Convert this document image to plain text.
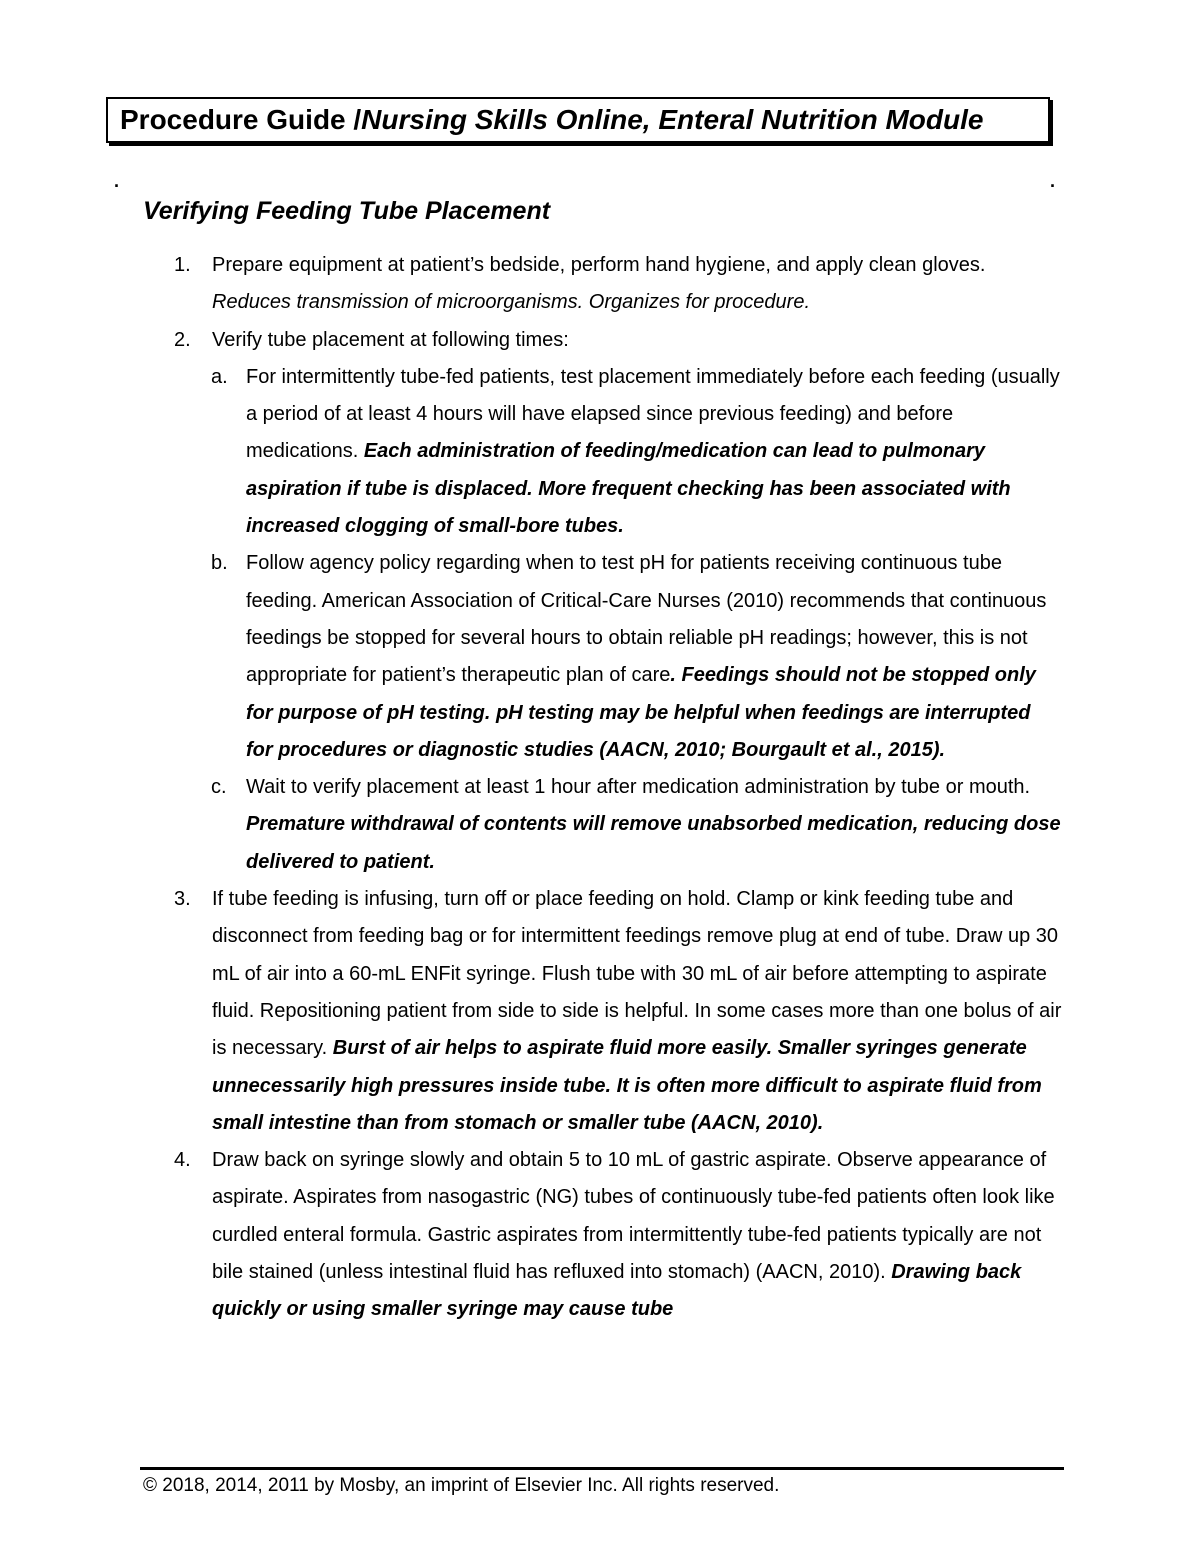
Procedure Guide / Nursing Skills Online, Enteral Nutrition Module
.	.
Verifying Feeding Tube Placement
1. Prepare equipment at patient’s bedside, perform hand hygiene, and apply clean gloves.
Reduces transmission of microorganisms. Organizes for procedure.
2. Verify tube placement at following times:
a. For intermittently tube-fed patients, test placement immediately before each feeding (usually a period of at least 4 hours will have elapsed since previous feeding) and before medications. Each administration of feeding/medication can lead to pulmonary aspiration if tube is displaced. More frequent checking has been associated with increased clogging of small-bore tubes.
b. Follow agency policy regarding when to test pH for patients receiving continuous tube feeding. American Association of Critical-Care Nurses (2010) recommends that continuous feedings be stopped for several hours to obtain reliable pH readings; however, this is not appropriate for patient’s therapeutic plan of care. Feedings should not be stopped only for purpose of pH testing. pH testing may be helpful when feedings are interrupted for procedures or diagnostic studies (AACN, 2010; Bourgault et al., 2015).
c. Wait to verify placement at least 1 hour after medication administration by tube or mouth. Premature withdrawal of contents will remove unabsorbed medication, reducing dose delivered to patient.
3. If tube feeding is infusing, turn off or place feeding on hold. Clamp or kink feeding tube and disconnect from feeding bag or for intermittent feedings remove plug at end of tube. Draw up 30 mL of air into a 60-mL ENFit syringe. Flush tube with 30 mL of air before attempting to aspirate fluid. Repositioning patient from side to side is helpful. In some cases more than one bolus of air is necessary. Burst of air helps to aspirate fluid more easily. Smaller syringes generate unnecessarily high pressures inside tube. It is often more difficult to aspirate fluid from small intestine than from stomach or smaller tube (AACN, 2010).
4. Draw back on syringe slowly and obtain 5 to 10 mL of gastric aspirate. Observe appearance of aspirate. Aspirates from nasogastric (NG) tubes of continuously tube-fed patients often look like curdled enteral formula. Gastric aspirates from intermittently tube-fed patients typically are not bile stained (unless intestinal fluid has refluxed into stomach) (AACN, 2010). Drawing back quickly or using smaller syringe may cause tube
© 2018, 2014, 2011 by Mosby, an imprint of Elsevier Inc. All rights reserved.
